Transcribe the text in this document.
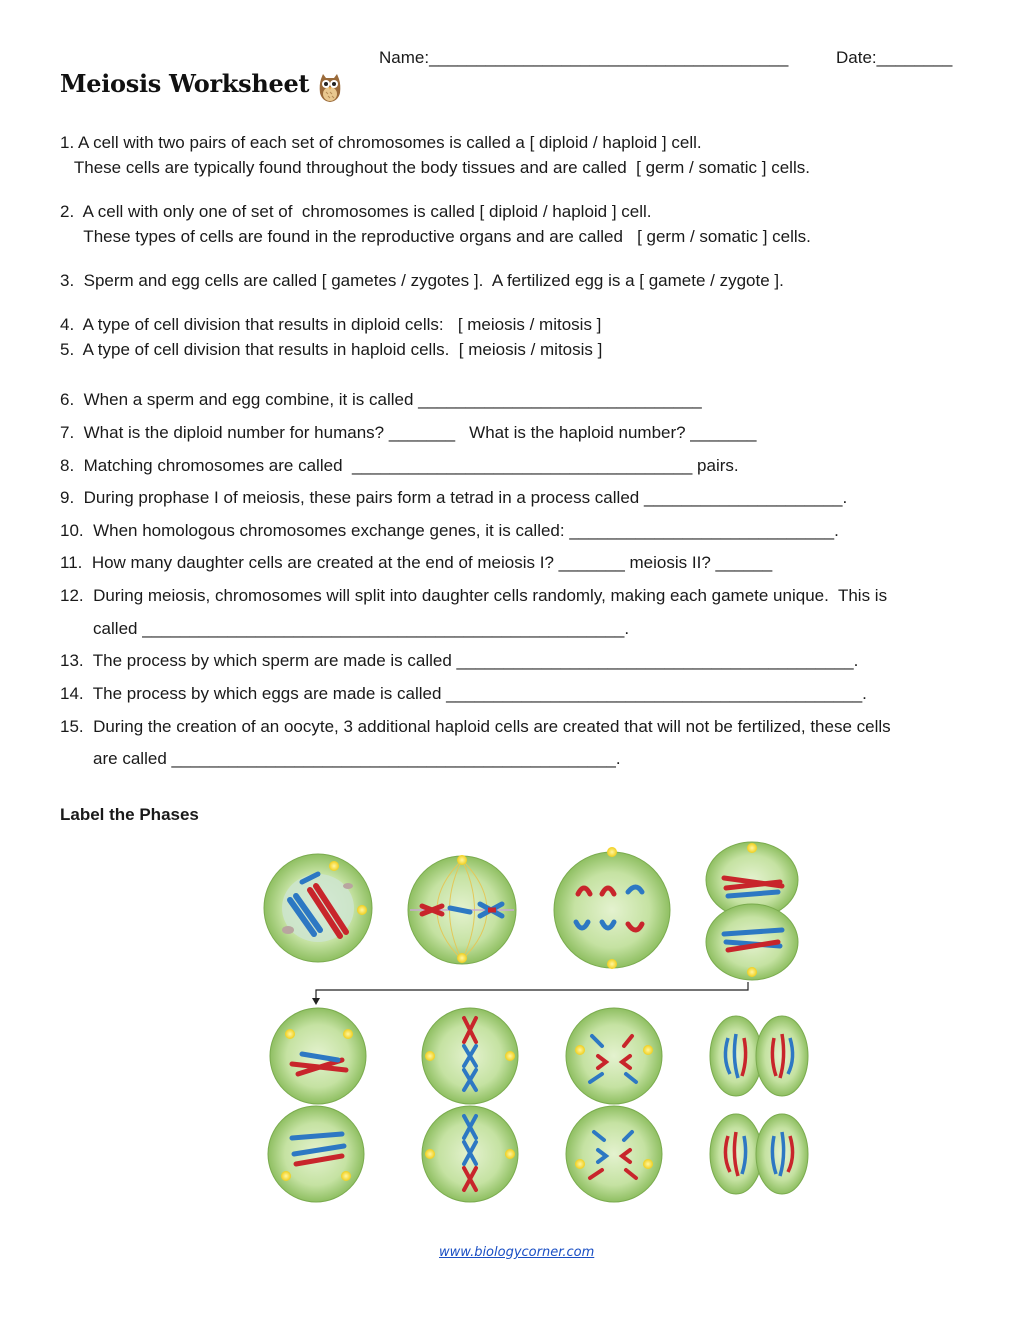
Name:______________________________________	Date:________
Meiosis Worksheet
1. A cell with two pairs of each set of chromosomes is called a [ diploid / haploid ] cell.
These cells are typically found throughout the body tissues and are called  [ germ / somatic ] cells.
2.  A cell with only one of set of  chromosomes is called [ diploid / haploid ] cell.
These types of cells are found in the reproductive organs and are called   [ germ / somatic ] cells.
3.  Sperm and egg cells are called [ gametes / zygotes ].  A fertilized egg is a [ gamete / zygote ].
4.  A type of cell division that results in diploid cells:   [ meiosis / mitosis ]
5.  A type of cell division that results in haploid cells.  [ meiosis / mitosis ]
6.  When a sperm and egg combine, it is called ______________________________
7.  What is the diploid number for humans? _______   What is the haploid number? _______
8.  Matching chromosomes are called  ____________________________________ pairs.
9.  During prophase I of meiosis, these pairs form a tetrad in a process called _____________________.
10.  When homologous chromosomes exchange genes, it is called: ____________________________.
11.  How many daughter cells are created at the end of meiosis I? _______ meiosis II? ______
12.  During meiosis, chromosomes will split into daughter cells randomly, making each gamete unique.  This is
called ___________________________________________________.
13.  The process by which sperm are made is called __________________________________________.
14.  The process by which eggs are made is called ____________________________________________.
15.  During the creation of an oocyte, 3 additional haploid cells are created that will not be fertilized, these cells
are called _______________________________________________.
Label the Phases
www.biologycorner.com
